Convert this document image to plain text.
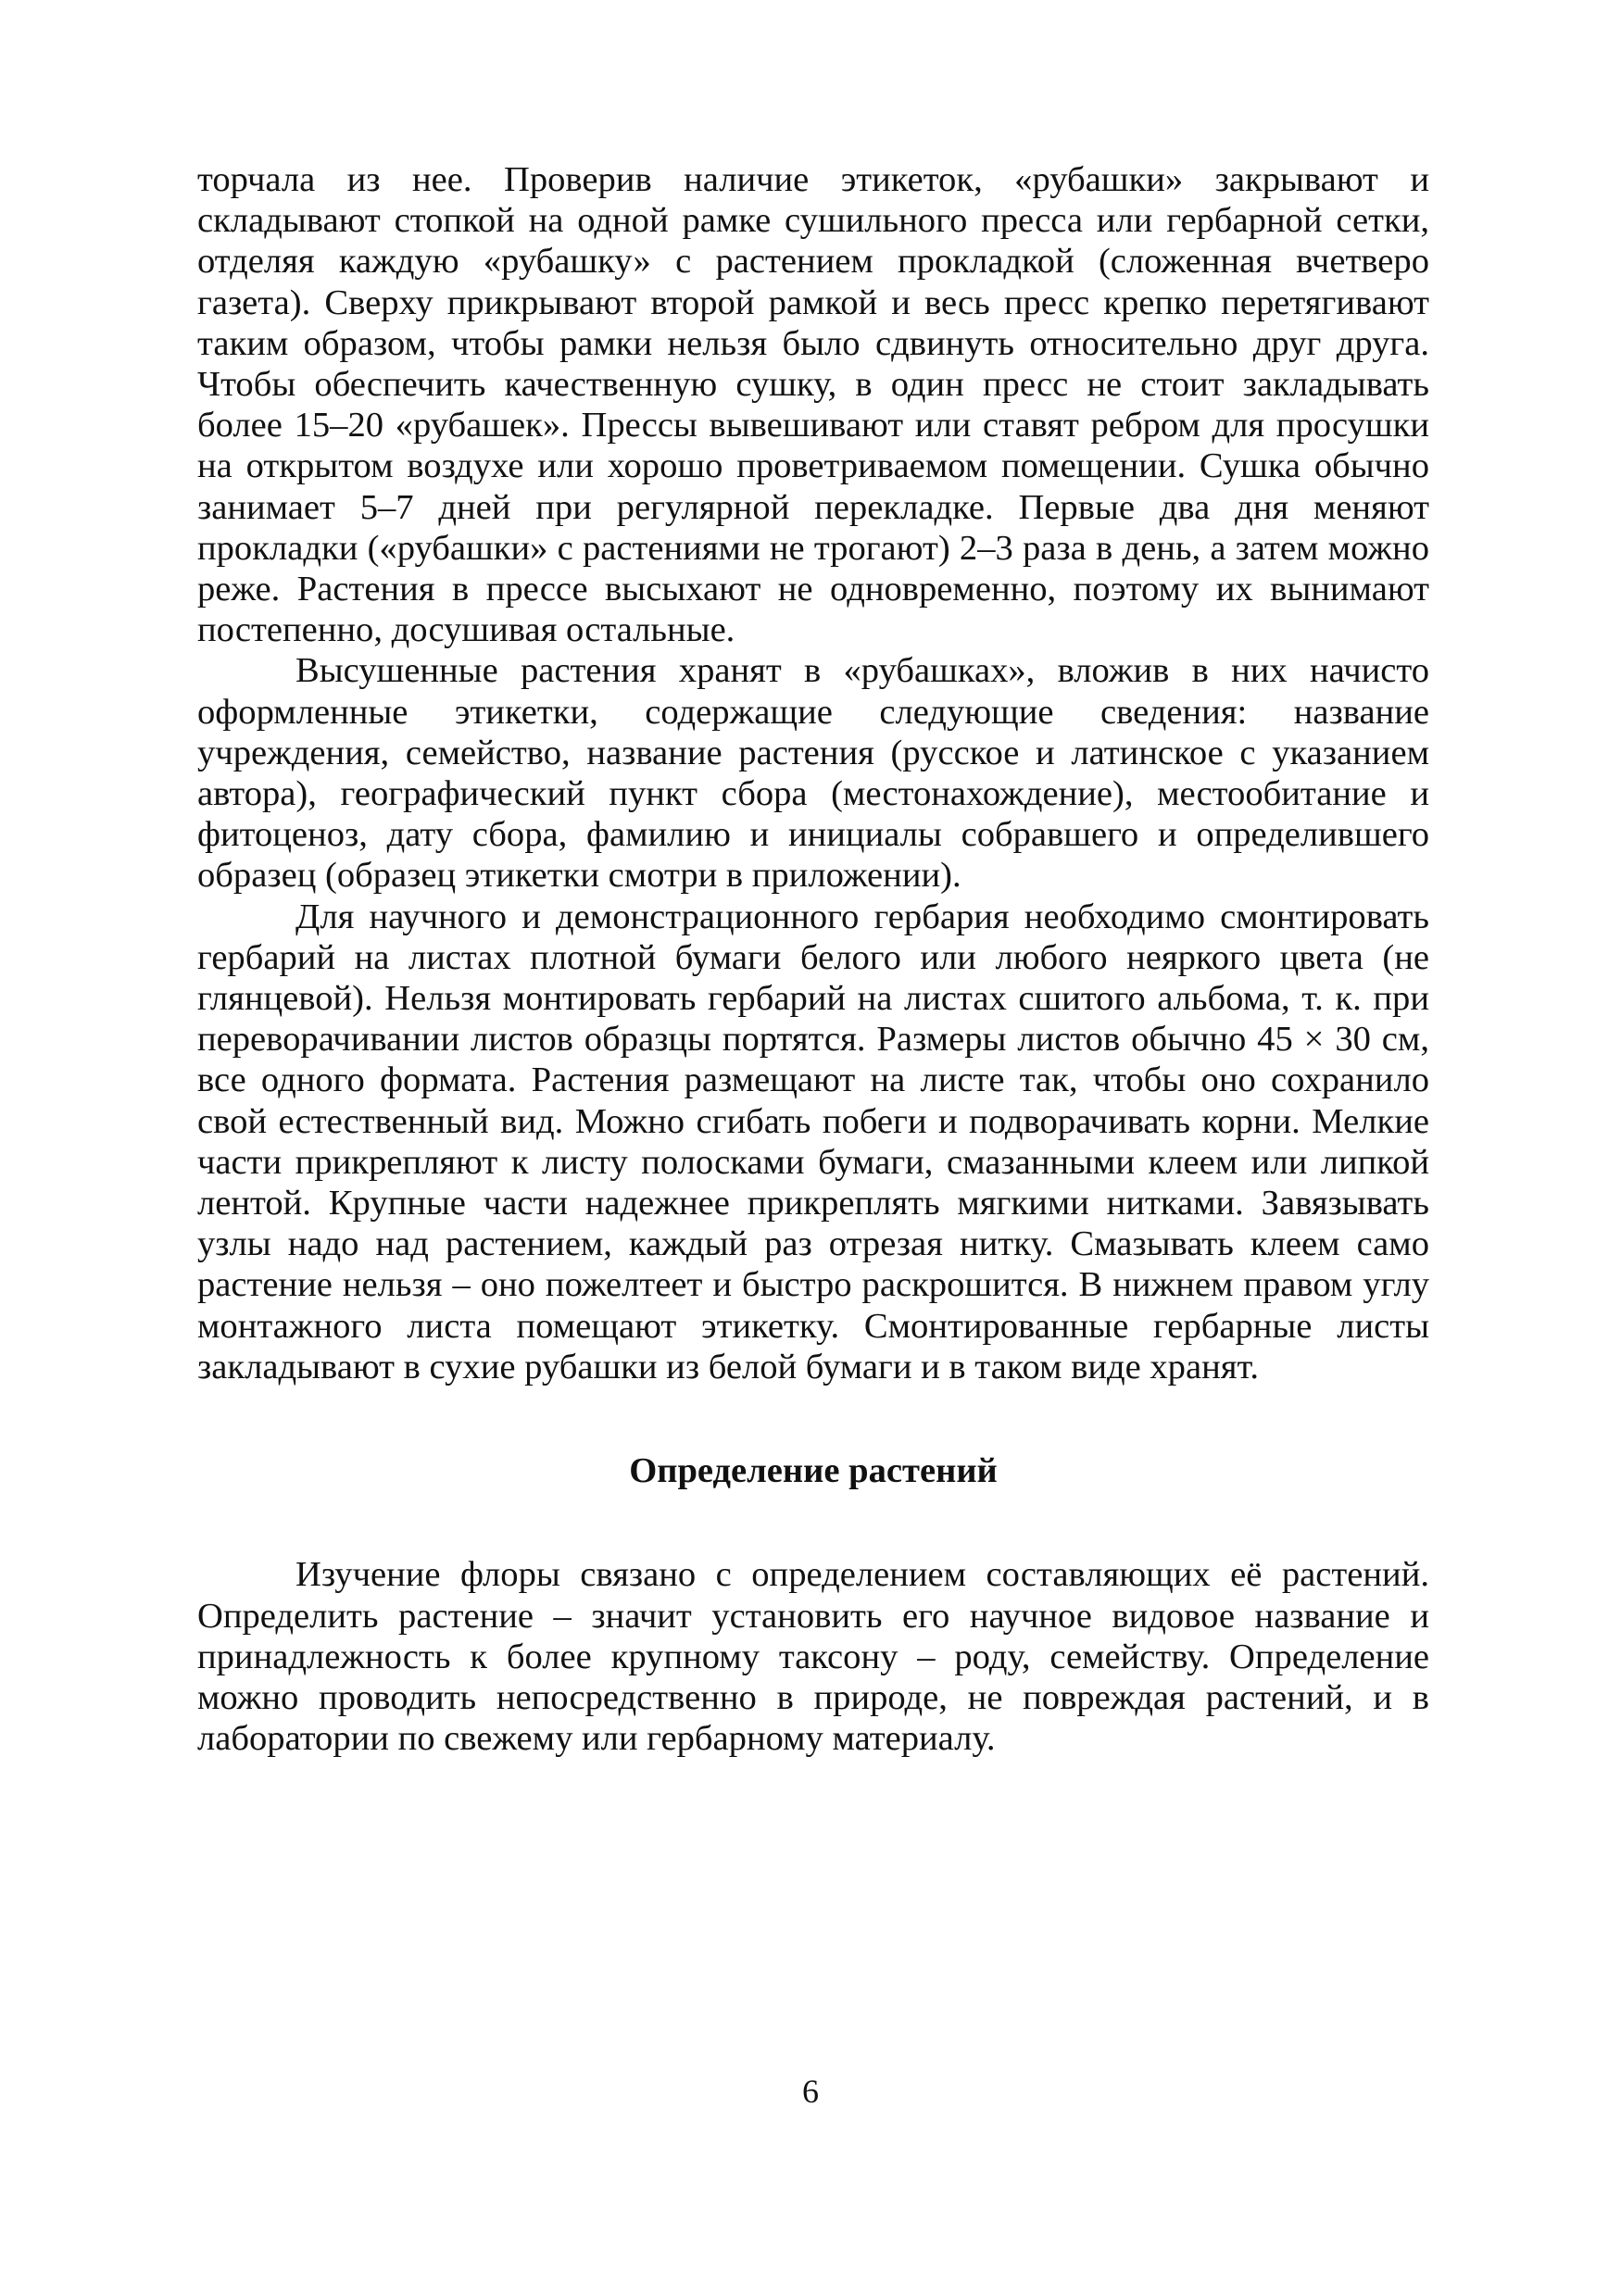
торчала из нее. Проверив наличие этикеток, «рубашки» закрывают и складывают стопкой на одной рамке сушильного пресса или гербарной сетки, отделяя каждую «рубашку» с растением прокладкой (сложенная вчетверо газета). Сверху прикрывают второй рамкой и весь пресс крепко перетягивают таким образом, чтобы рамки нельзя было сдвинуть относительно друг друга. Чтобы обеспечить качественную сушку, в один пресс не стоит закладывать более 15–20 «рубашек». Прессы вывешивают или ставят ребром для просушки на открытом воздухе или хорошо проветриваемом помещении. Сушка обычно занимает 5–7 дней при регулярной перекладке. Первые два дня меняют прокладки («рубашки» с растениями не трогают) 2–3 раза в день, а затем можно реже. Растения в прессе высыхают не одновременно, поэтому их вынимают постепенно, досушивая остальные.

Высушенные растения хранят в «рубашках», вложив в них начисто оформленные этикетки, содержащие следующие сведения: название учреждения, семейство, название растения (русское и латинское с указанием автора), географический пункт сбора (местонахождение), местообитание и фитоценоз, дату сбора, фамилию и инициалы собравшего и определившего образец (образец этикетки смотри в приложении).

Для научного и демонстрационного гербария необходимо смонтировать гербарий на листах плотной бумаги белого или любого неяркого цвета (не глянцевой). Нельзя монтировать гербарий на листах сшитого альбома, т. к. при переворачивании листов образцы портятся. Размеры листов обычно 45 × 30 см, все одного формата. Растения размещают на листе так, чтобы оно сохранило свой естественный вид. Можно сгибать побеги и подворачивать корни. Мелкие части прикрепляют к листу полосками бумаги, смазанными клеем или липкой лентой. Крупные части надежнее прикреплять мягкими нитками. Завязывать узлы надо над растением, каждый раз отрезая нитку. Смазывать клеем само растение нельзя – оно пожелтеет и быстро раскрошится. В нижнем правом углу монтажного листа помещают этикетку. Смонтированные гербарные листы закладывают в сухие рубашки из белой бумаги и в таком виде хранят.

Определение растений

Изучение флоры связано с определением составляющих её растений. Определить растение – значит установить его научное видовое название и принадлежность к более крупному таксону – роду, семейству. Определение можно проводить непосредственно в природе, не повреждая растений, и в лаборатории по свежему или гербарному материалу.

6
